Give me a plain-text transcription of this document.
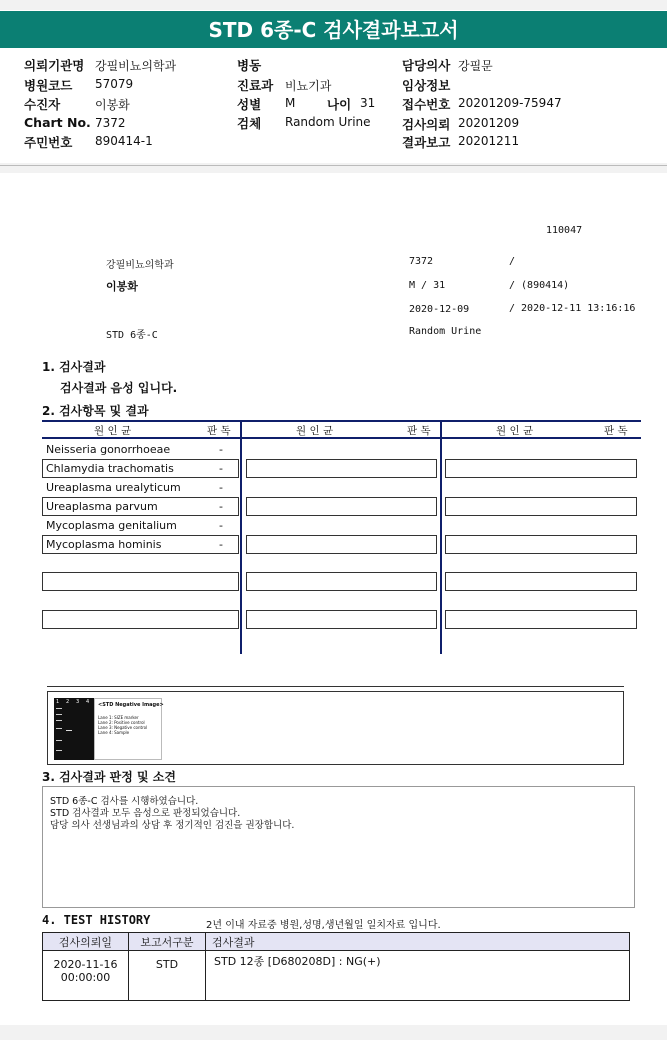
STD 6종-C 검사결과보고서
의뢰기관명 강필비뇨의학과
병원코드 57079
수진자	이봉화
Chart No. 7372
주민번호 890414-1
병동
진료과 비뇨기과
성별 M	나이 31
검체 Random Urine
담당의사 강필문
임상정보
접수번호 20201209-75947
검사의뢰 20201209
결과보고 20201211
110047
강필비뇨의학과	7372	/
이봉화	M / 31	/ (890414)
2020-12-09	/ 2020-12-11 13:16:16
STD 6종-C	Random Urine
1. 검사결과
검사결과 음성 입니다.
2. 검사항목 및 결과
원 인 균	판 독	원 인 균	판 독	원 인 균	판 독
Neisseria gonorrhoeae	-
Chlamydia trachomatis	-
Ureaplasma urealyticum	-
Ureaplasma parvum	-
Mycoplasma genitalium	-
Mycoplasma hominis	-
1 2 3 4 <STD Negative Image>
Lane 1: SIZE marker
Lane 2: Positive control
Lane 3: Negative control
Lane 4: Sample
3. 검사결과 판정 및 소견
STD 6종-C 검사를 시행하였습니다.
STD 검사결과 모두 음성으로 판정되었습니다.
담당 의사 선생님과의 상담 후 정기적인 검진을 권장합니다.
4. TEST HISTORY	2년 이내 자료중 병원,성명,생년월일 일치자료 입니다.
검사의뢰일	보고서구분	검사결과

2020-11-16
00:00:00	STD	STD 12종 [D680208D] : NG(+)
